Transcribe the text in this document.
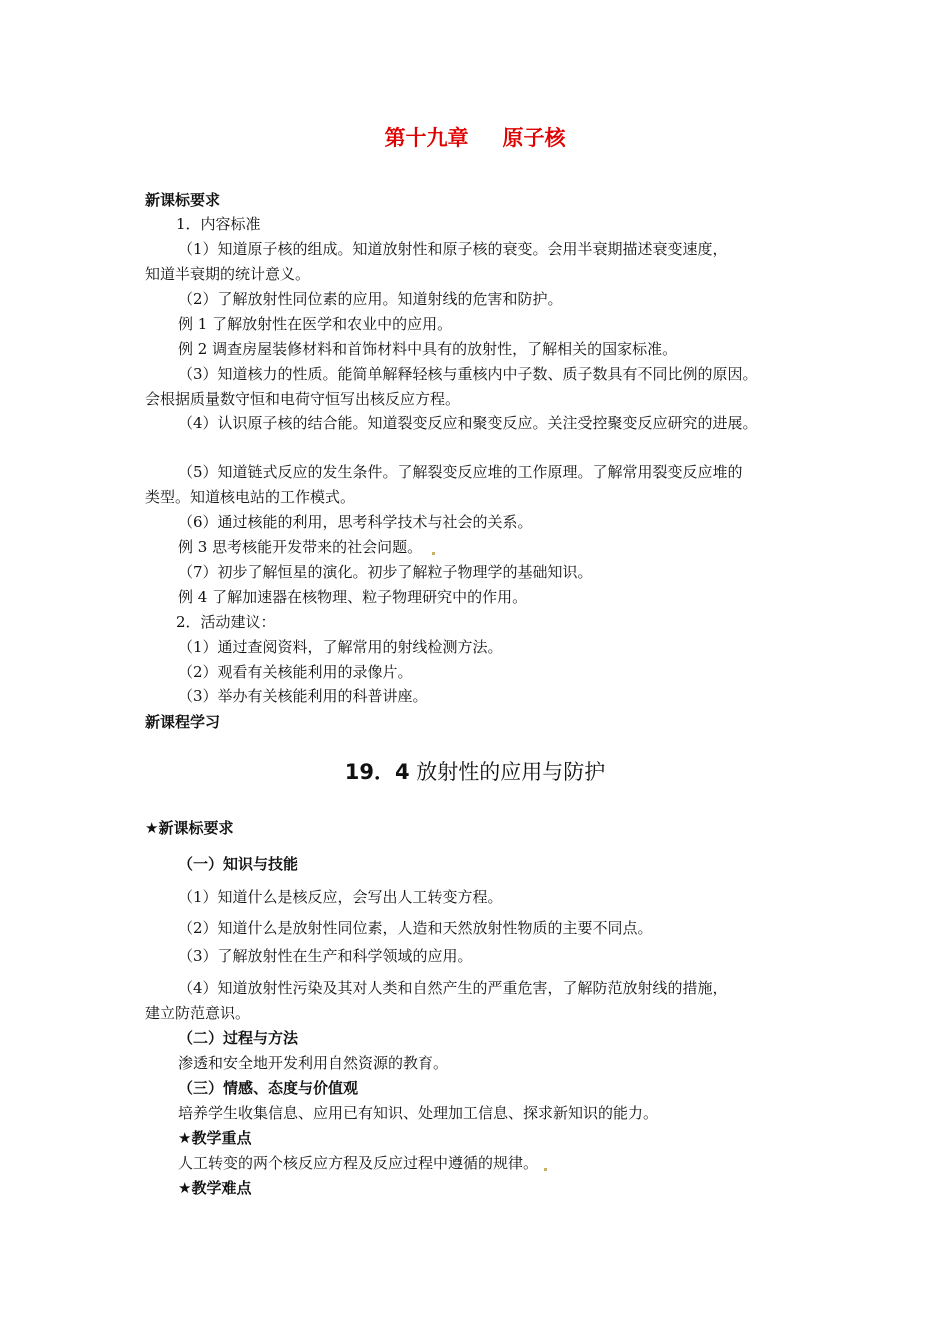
第十九章 原子核
新课标要求
1．内容标准
（1）知道原子核的组成。知道放射性和原子核的衰变。会用半衰期描述衰变速度，
知道半衰期的统计意义。
（2）了解放射性同位素的应用。知道射线的危害和防护。
例 1 了解放射性在医学和农业中的应用。
例 2 调查房屋装修材料和首饰材料中具有的放射性，了解相关的国家标准。
（3）知道核力的性质。能简单解释轻核与重核内中子数、质子数具有不同比例的原因。
会根据质量数守恒和电荷守恒写出核反应方程。
（4）认识原子核的结合能。知道裂变反应和聚变反应。关注受控聚变反应研究的进展。
（5）知道链式反应的发生条件。了解裂变反应堆的工作原理。了解常用裂变反应堆的
类型。知道核电站的工作模式。
（6）通过核能的利用，思考科学技术与社会的关系。
例 3 思考核能开发带来的社会问题。
（7）初步了解恒星的演化。初步了解粒子物理学的基础知识。
例 4 了解加速器在核物理、粒子物理研究中的作用。
2．活动建议：
（1）通过查阅资料，了解常用的射线检测方法。
（2）观看有关核能利用的录像片。
（3）举办有关核能利用的科普讲座。
新课程学习
19．4 放射性的应用与防护
★新课标要求
（一）知识与技能
（1）知道什么是核反应，会写出人工转变方程。
（2）知道什么是放射性同位素，人造和天然放射性物质的主要不同点。
（3）了解放射性在生产和科学领域的应用。
（4）知道放射性污染及其对人类和自然产生的严重危害，了解防范放射线的措施，
建立防范意识。
（二）过程与方法
渗透和安全地开发利用自然资源的教育。
（三）情感、态度与价值观
培养学生收集信息、应用已有知识、处理加工信息、探求新知识的能力。
★教学重点
人工转变的两个核反应方程及反应过程中遵循的规律。
★教学难点
